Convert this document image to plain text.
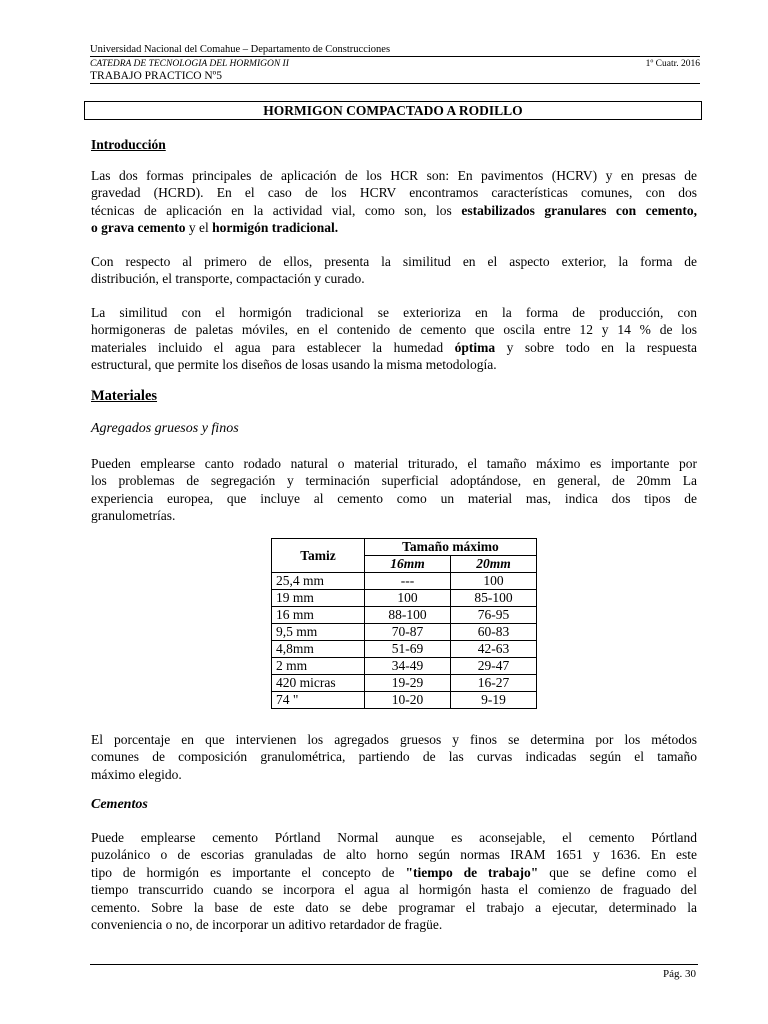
Universidad Nacional del Comahue – Departamento de Construcciones
CATEDRA DE TECNOLOGIA DEL HORMIGON II	1º Cuatr. 2016
TRABAJO PRACTICO Nº5
HORMIGON COMPACTADO A RODILLO
Introducción
Las dos formas principales de aplicación de los HCR son: En pavimentos (HCRV) y en presas de
gravedad (HCRD). En el caso de los HCRV encontramos características comunes, con dos
técnicas de aplicación en la actividad vial, como son, los estabilizados granulares con cemento,
o grava cemento y el hormigón tradicional.
Con respecto al primero de ellos, presenta la similitud en el aspecto exterior, la forma de
distribución, el transporte, compactación y curado.
La similitud con el hormigón tradicional se exterioriza en la forma de producción, con
hormigoneras de paletas móviles, en el contenido de cemento que oscila entre 12 y 14 % de los
materiales incluido el agua para establecer la humedad óptima y sobre todo en la respuesta
estructural, que permite los diseños de losas usando la misma metodología.
Materiales
Agregados gruesos y finos
Pueden emplearse canto rodado natural o material triturado, el tamaño máximo es importante por
los problemas de segregación y terminación superficial adoptándose, en general, de 20mm La
experiencia europea, que incluye al cemento como un material mas, indica dos tipos de
granulometrías.
Tamiz	Tamaño máximo	
	16mm	20mm
25,4 mm	---	100
19 mm	100	85-100
16 mm	88-100	76-95
9,5 mm	70-87	60-83
4,8mm	51-69	42-63
2 mm	34-49	29-47
420 micras	19-29	16-27
74 "	10-20	9-19
El porcentaje en que intervienen los agregados gruesos y finos se determina por los métodos
comunes de composición granulométrica, partiendo de las curvas indicadas según el tamaño
máximo elegido.
Cementos
Puede emplearse cemento Pórtland Normal aunque es aconsejable, el cemento Pórtland
puzolánico o de escorias granuladas de alto horno según normas IRAM 1651 y 1636. En este
tipo de hormigón es importante el concepto de "tiempo de trabajo" que se define como el
tiempo transcurrido cuando se incorpora el agua al hormigón hasta el comienzo de fraguado del
cemento. Sobre la base de este dato se debe programar el trabajo a ejecutar, determinado la
conveniencia o no, de incorporar un aditivo retardador de fragüe.
Pág. 30
